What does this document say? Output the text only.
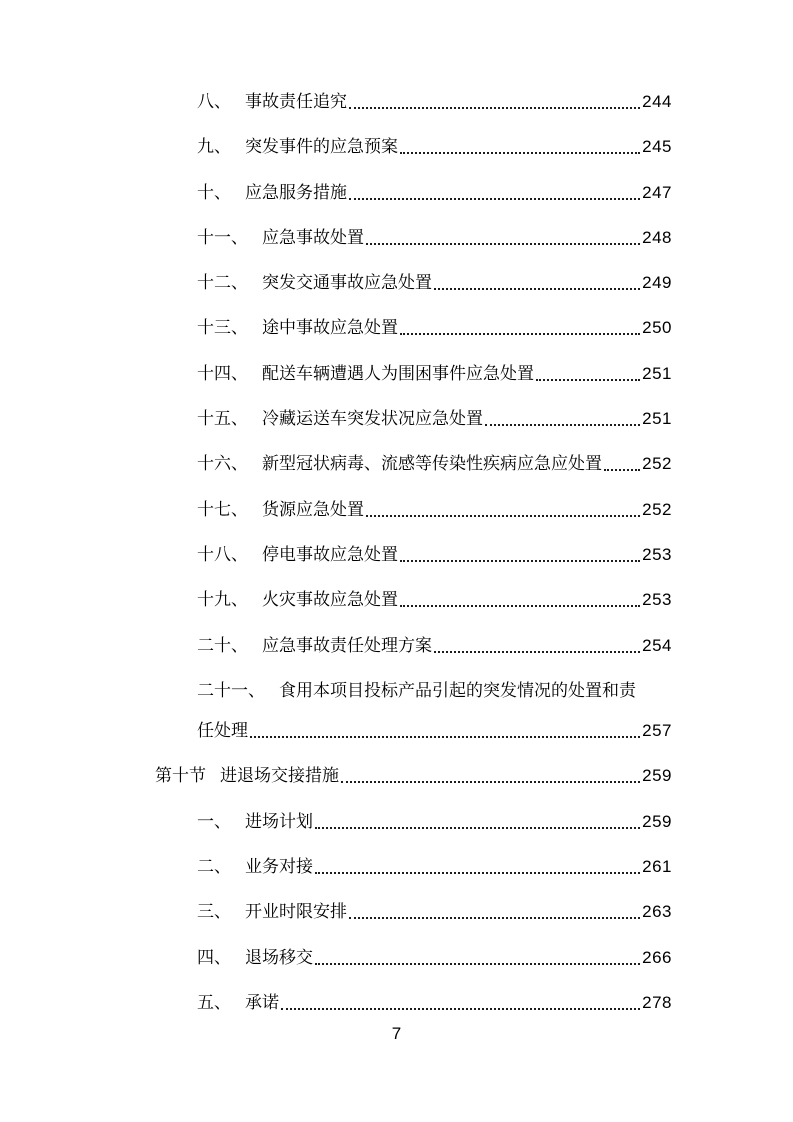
八、 事故责任追究	244
九、 突发事件的应急预案	245
十、 应急服务措施	247
十一、 应急事故处置	248
十二、 突发交通事故应急处置	249
十三、 途中事故应急处置	250
十四、 配送车辆遭遇人为围困事件应急处置	251
十五、 冷藏运送车突发状况应急处置	251
十六、 新型冠状病毒、流感等传染性疾病应急应处置 252
十七、 货源应急处置	252
十八、 停电事故应急处置	253
十九、 火灾事故应急处置	253
二十、 应急事故责任处理方案	254
二十一、 食用本项目投标产品引起的突发情况的处置和责
任处理	257
第十节 进退场交接措施	259
一、 进场计划	259
二、 业务对接	261
三、 开业时限安排	263
四、 退场移交	266
五、 承诺	278
7
